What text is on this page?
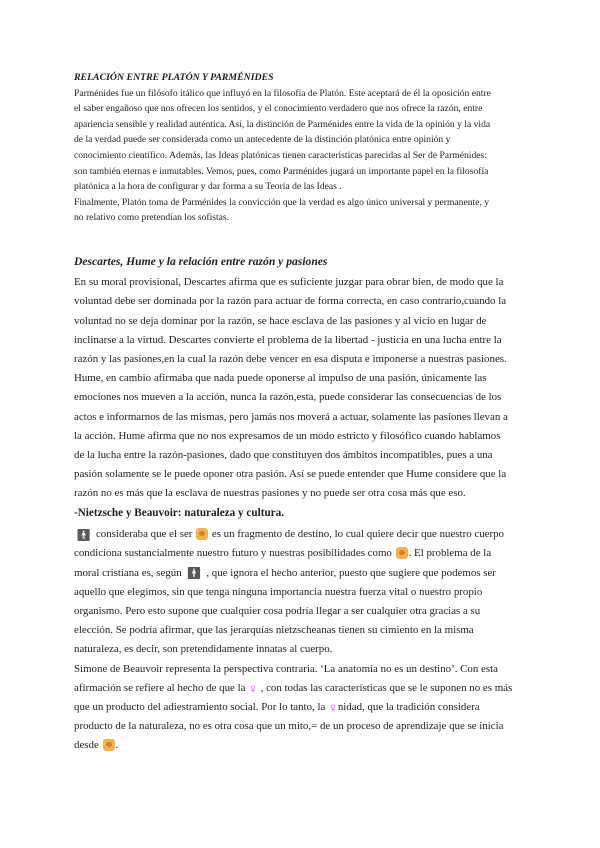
RELACIÓN ENTRE PLATÓN Y PARMÉNIDES
Parménides fue un filósofo itálico que influyó en la filosofía de Platón. Este aceptará de él la oposición entre
el saber engañoso que nos ofrecen los sentidos, y el conocimiento verdadero que nos ofrece la razón, entre
apariencia sensible y realidad auténtica. Así, la distinción de Parménides entre la vida de la opinión y la vida
de la verdad puede ser considerada como un antecedente de la distinción platónica entre opinión y
conocimiento científico. Además, las Ideas platónicas tienen características parecidas al Ser de Parménides:
son también eternas e inmutables. Vemos, pues, como Parménides jugará un importante papel en la filosofía
platónica a la hora de configurar y dar forma a su Teoría de las Ideas .
Finalmente, Platón toma de Parménides la convicción que la verdad es algo único universal y permanente, y
no relativo como pretendían los sofistas.
Descartes, Hume y la relación entre razón y pasiones
En su moral provisional, Descartes afirma que es suficiente juzgar para obrar bien, de modo que la
voluntad debe ser dominada por la razón para actuar de forma correcta, en caso contrario,cuando la
voluntad no se deja dominar por la razón, se hace esclava de las pasiones y al vicio en lugar de
inclinarse a la virtud. Descartes convierte el problema de la libertad - justicia en una lucha entre la
razón y las pasiones,en la cual la razón debe vencer en esa disputa e imponerse a nuestras pasiones.
Hume, en cambio afirmaba que nada puede oponerse al impulso de una pasión, únicamente las
emociones nos mueven a la acción, nunca la razón,esta, puede considerar las consecuencias de los
actos e informarnos de las mismas, pero jamás nos moverá a actuar, solamente las pasiones llevan a
la acción. Hume afirma que no nos expresamos de un modo estricto y filosófico cuando hablamos
de la lucha entre la razón-pasiones, dado que constituyen dos ámbitos incompatibles, pues a una
pasión solamente se le puede oponer otra pasión. Así se puede entender que Hume considere que la
razón no es más que la esclava de nuestras pasiones y no puede ser otra cosa más que eso.
-Nietzsche y Beauvoir: naturaleza y cultura.
🚹︎ consideraba que el ser  es un fragmento de destino, lo cual quiere decir que nuestro cuerpo
condiciona sustancialmente nuestro futuro y nuestras posibilidades como . El problema de la
moral cristiana es, según 🚹︎ , que ignora el hecho anterior, puesto que sugiere que podemos ser
aquello que elegimos, sin que tenga ninguna importancia nuestra fuerza vital o nuestro propio
organismo. Pero esto supone que cualquier cosa podría llegar a ser cualquier otra gracias a su
elección. Se podría afirmar, que las jerarquías nietzscheanas tienen su cimiento en la misma
naturaleza, es decir, son pretendidamente innatas al cuerpo.
Simone de Beauvoir representa la perspectiva contraria. ‘La anatomía no es un destino’. Con esta
afirmación se refiere al hecho de que la ♀ , con todas las características que se le suponen no es más
que un producto del adiestramiento social. Por lo tanto, la ♀nidad, que la tradición considera
producto de la naturaleza, no es otra cosa que un mito,= de un proceso de aprendizaje que se inicia
desde .
